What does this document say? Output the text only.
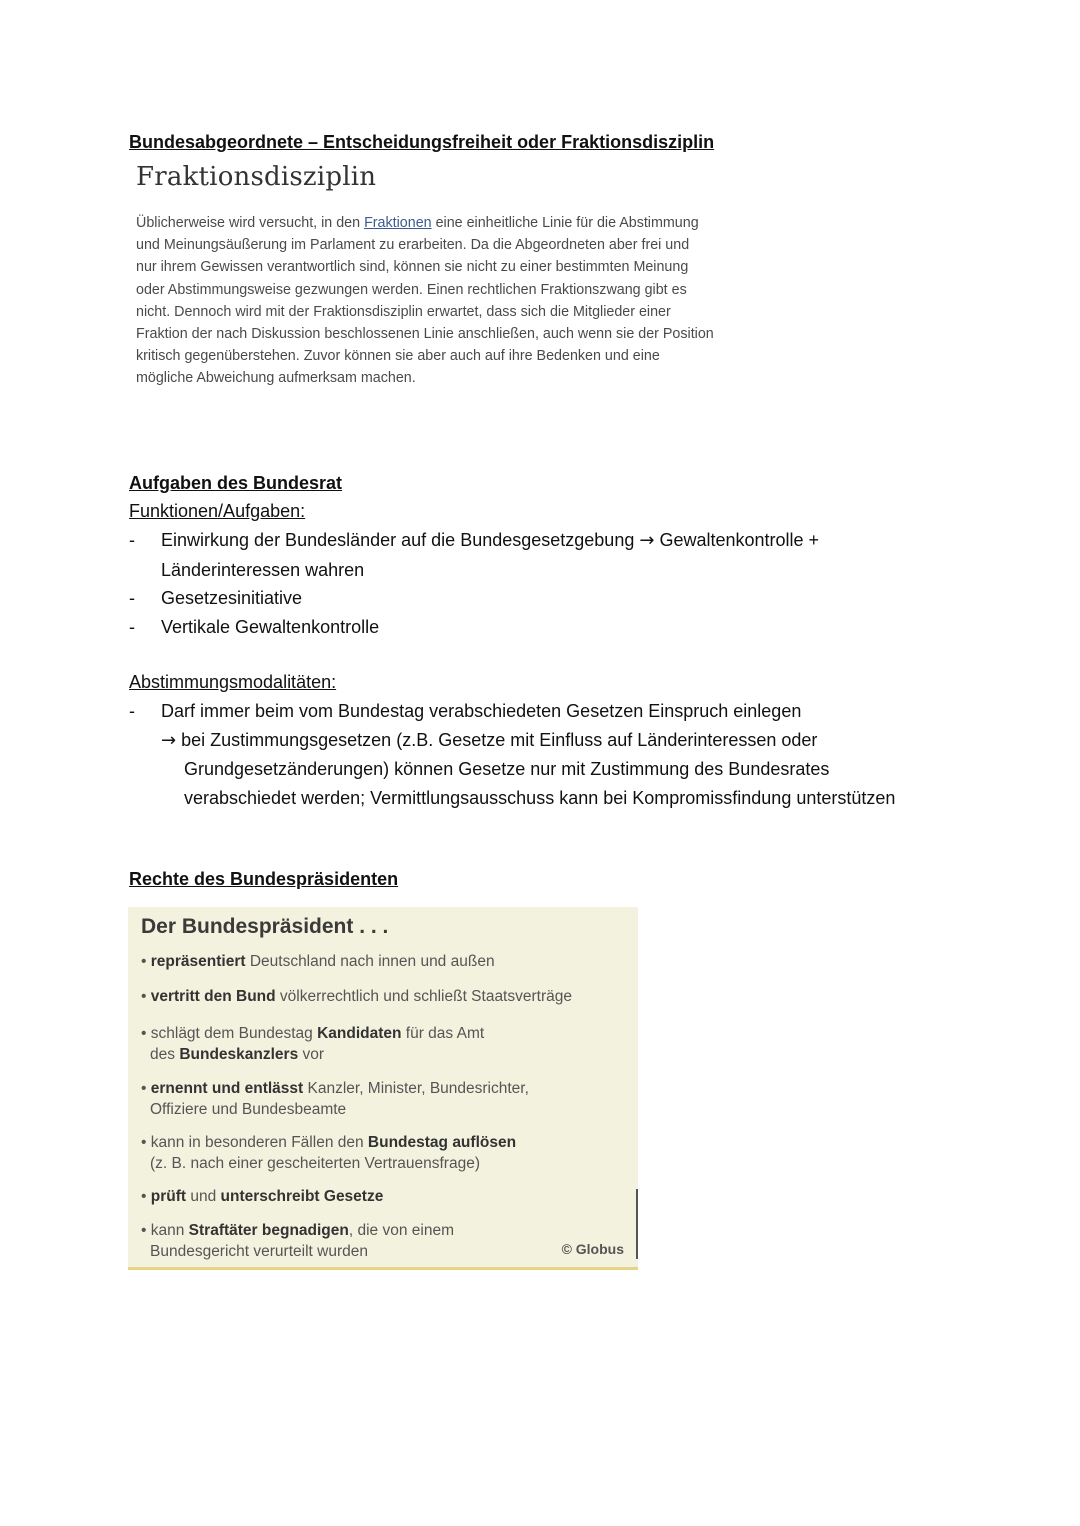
Bundesabgeordnete – Entscheidungsfreiheit oder Fraktionsdisziplin
Fraktionsdisziplin
Üblicherweise wird versucht, in den Fraktionen eine einheitliche Linie für die Abstimmung
und Meinungsäußerung im Parlament zu erarbeiten. Da die Abgeordneten aber frei und
nur ihrem Gewissen verantwortlich sind, können sie nicht zu einer bestimmten Meinung
oder Abstimmungsweise gezwungen werden. Einen rechtlichen Fraktionszwang gibt es
nicht. Dennoch wird mit der Fraktionsdisziplin erwartet, dass sich die Mitglieder einer
Fraktion der nach Diskussion beschlossenen Linie anschließen, auch wenn sie der Position
kritisch gegenüberstehen. Zuvor können sie aber auch auf ihre Bedenken und eine
mögliche Abweichung aufmerksam machen.
Aufgaben des Bundesrat
Funktionen/Aufgaben:
- Einwirkung der Bundesländer auf die Bundesgesetzgebung → Gewaltenkontrolle +
Länderinteressen wahren
- Gesetzesinitiative
- Vertikale Gewaltenkontrolle
Abstimmungsmodalitäten:
- Darf immer beim vom Bundestag verabschiedeten Gesetzen Einspruch einlegen
→ bei Zustimmungsgesetzen (z.B. Gesetze mit Einfluss auf Länderinteressen oder
Grundgesetzänderungen) können Gesetze nur mit Zustimmung des Bundesrates
verabschiedet werden; Vermittlungsausschuss kann bei Kompromissfindung unterstützen
Rechte des Bundespräsidenten
Der Bundespräsident . . .
• repräsentiert Deutschland nach innen und außen
• vertritt den Bund völkerrechtlich und schließt Staatsverträge
• schlägt dem Bundestag Kandidaten für das Amt
des Bundeskanzlers vor
• ernennt und entlässt Kanzler, Minister, Bundesrichter,
Offiziere und Bundesbeamte
• kann in besonderen Fällen den Bundestag auflösen
(z. B. nach einer gescheiterten Vertrauensfrage)
• prüft und unterschreibt Gesetze
• kann Straftäter begnadigen, die von einem
Bundesgericht verurteilt wurden	© Globus
